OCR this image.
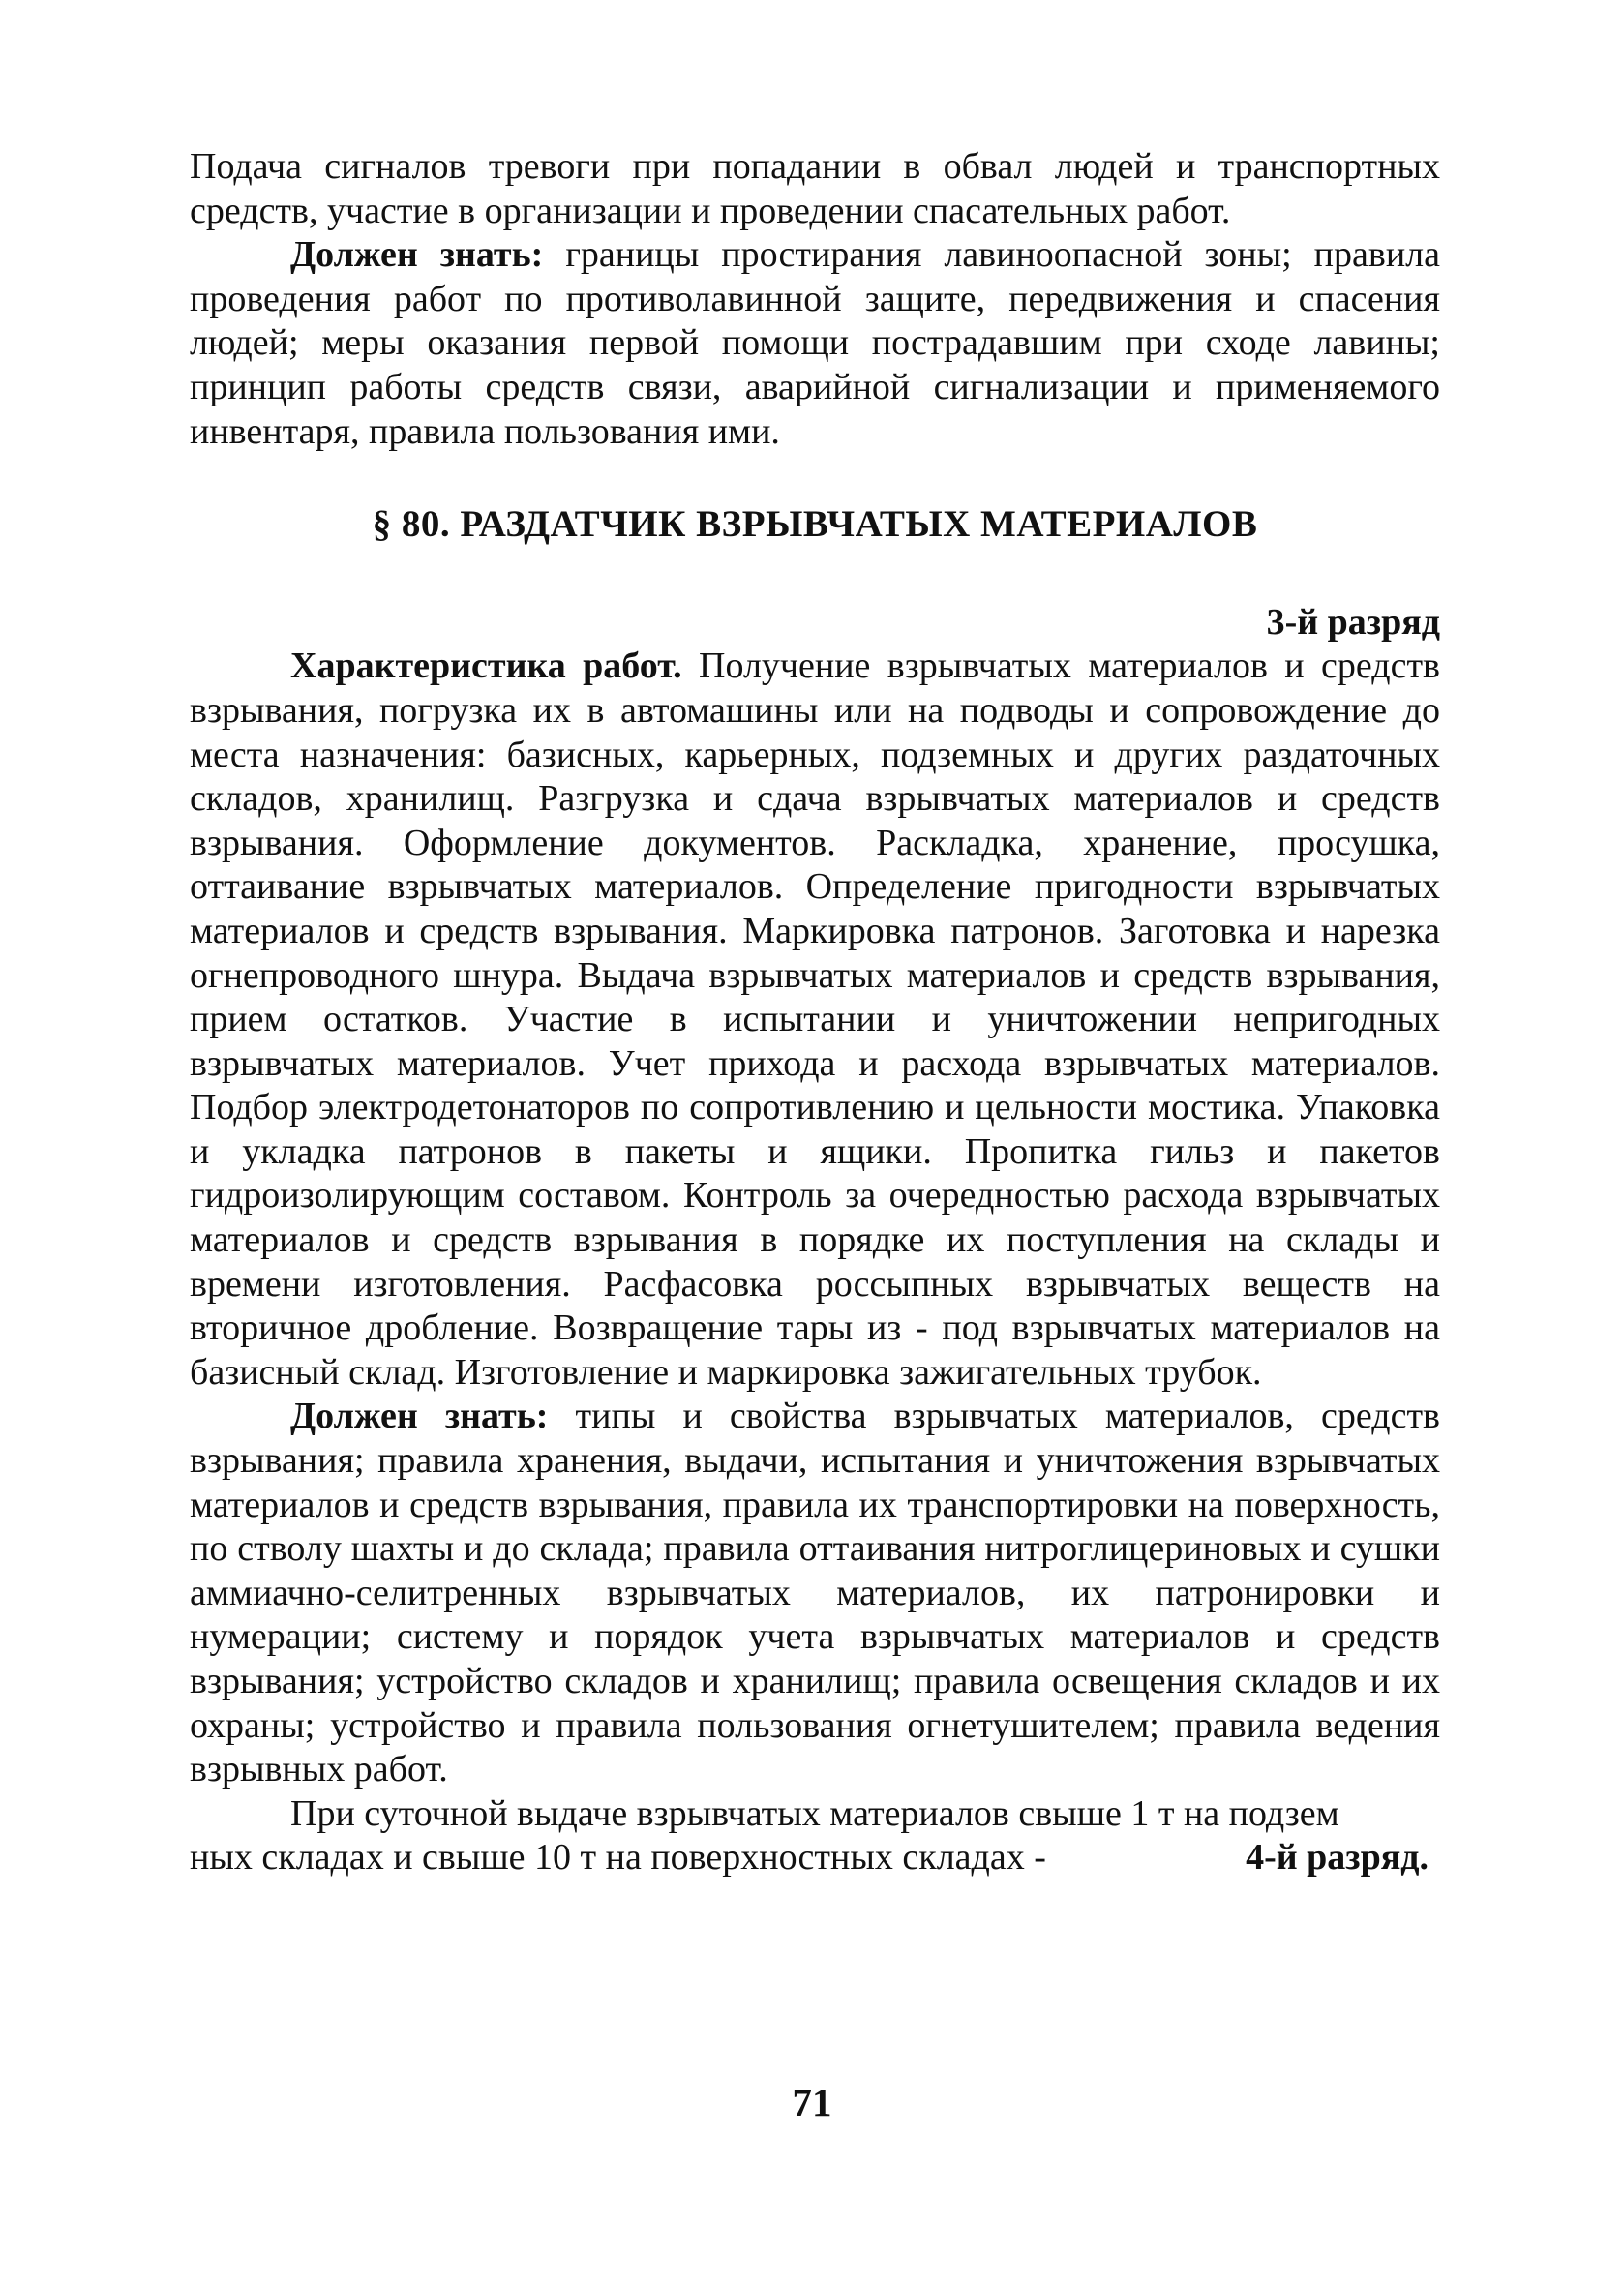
Подача сигналов тревоги при попадании в обвал людей и транспортных средств, участие в организации и проведении спасательных работ.

Должен знать: границы простирания лавиноопасной зоны; правила проведения работ по противолавинной защите, передвижения и спасения людей; меры оказания первой помощи пострадавшим при сходе лавины; принцип работы средств связи, аварийной сигнализации и применяемого инвентаря, правила пользования ими.

§ 80. РАЗДАТЧИК ВЗРЫВЧАТЫХ МАТЕРИАЛОВ

3-й разряд

Характеристика работ. Получение взрывчатых материалов и средств взрывания, погрузка их в автомашины или на подводы и сопровождение до места назначения: базисных, карьерных, подземных и других раздаточных складов, хранилищ. Разгрузка и сдача взрывчатых материалов и средств взрывания. Оформление документов. Раскладка, хранение, просушка, оттаивание взрывчатых материалов. Определение пригодности взрывчатых материалов и средств взрывания. Маркировка патронов. Заготовка и нарезка огнепроводного шнура. Выдача взрывчатых материалов и средств взрывания, прием остатков. Участие в испытании и уничтожении непригодных взрывчатых материалов. Учет прихода и расхода взрывчатых материалов. Подбор электродетонаторов по сопротивлению и цельности мостика. Упаковка и укладка патронов в пакеты и ящики. Пропитка гильз и пакетов гидроизолирующим составом. Контроль за очередностью расхода взрывчатых материалов и средств взрывания в порядке их поступления на склады и времени изготовления. Расфасовка россыпных взрывчатых веществ на вторичное дробление. Возвращение тары из - под взрывчатых материалов на базисный склад. Изготовление и маркировка зажигательных трубок.

Должен знать: типы и свойства взрывчатых материалов, средств взрывания; правила хранения, выдачи, испытания и уничтожения взрывчатых материалов и средств взрывания, правила их транспортировки на поверхность, по стволу шахты и до склада; правила оттаивания нитроглицериновых и сушки аммиачно-селитренных взрывчатых материалов, их патронировки и нумерации; систему и порядок учета взрывчатых материалов и средств взрывания; устройство складов и хранилищ; правила освещения складов и их охраны; устройство и правила пользования огнетушителем; правила ведения взрывных работ.

При суточной выдаче взрывчатых материалов свыше 1 т на подзем

ных складах и свыше 10 т на поверхностных складах -	4-й разряд.
71
